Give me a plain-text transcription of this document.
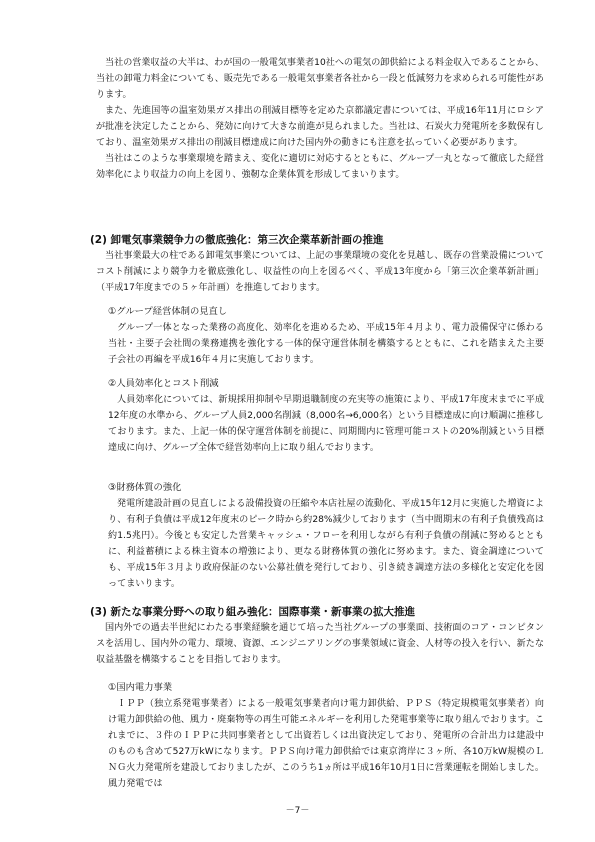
当社の営業収益の大半は、わが国の一般電気事業者10社への電気の卸供給による料金収入であることから、当社の卸電力料金についても、販売先である一般電気事業者各社から一段と低減努力を求められる可能性があります。

また、先進国等の温室効果ガス排出の削減目標等を定めた京都議定書については、平成16年11月にロシアが批准を決定したことから、発効に向けて大きな前進が見られました。当社は、石炭火力発電所を多数保有しており、温室効果ガス排出の削減目標達成に向けた国内外の動きにも注意を払っていく必要があります。

当社はこのような事業環境を踏まえ、変化に適切に対応するとともに、グループ一丸となって徹底した経営効率化により収益力の向上を図り、強靭な企業体質を形成してまいります。

(2) 卸電気事業競争力の徹底強化：第三次企業革新計画の推進

当社事業最大の柱である卸電気事業については、上記の事業環境の変化を見越し、既存の営業設備についてコスト削減により競争力を徹底強化し、収益性の向上を図るべく、平成13年度から「第三次企業革新計画」（平成17年度までの５ヶ年計画）を推進しております。

①グループ経営体制の見直し

グループ一体となった業務の高度化、効率化を進めるため、平成15年４月より、電力設備保守に係わる当社・主要子会社間の業務連携を強化する一体的保守運営体制を構築するとともに、これを踏まえた主要子会社の再編を平成16年４月に実施しております。

②人員効率化とコスト削減

人員効率化については、新規採用抑制や早期退職制度の充実等の施策により、平成17年度末までに平成12年度の水準から、グループ人員2,000名削減（8,000名→6,000名）という目標達成に向け順調に推移しております。また、上記一体的保守運営体制を前提に、同期間内に管理可能コストの20%削減という目標達成に向け、グループ全体で経営効率向上に取り組んでおります。

③財務体質の強化

発電所建設計画の見直しによる設備投資の圧縮や本店社屋の流動化、平成15年12月に実施した増資により、有利子負債は平成12年度末のピーク時から約28%減少しております（当中間期末の有利子負債残高は約1.5兆円）。今後とも安定した営業キャッシュ・フローを利用しながら有利子負債の削減に努めるとともに、利益蓄積による株主資本の増強により、更なる財務体質の強化に努めます。また、資金調達についても、平成15年３月より政府保証のない公募社債を発行しており、引き続き調達方法の多様化と安定化を図ってまいります。

(3) 新たな事業分野への取り組み強化：国際事業・新事業の拡大推進

国内外での過去半世紀にわたる事業経験を通じて培った当社グループの事業面、技術面のコア・コンピタンスを活用し、国内外の電力、環境、資源、エンジニアリングの事業領域に資金、人材等の投入を行い、新たな収益基盤を構築することを目指しております。

①国内電力事業

ＩＰＰ（独立系発電事業者）による一般電気事業者向け電力卸供給、ＰＰＳ（特定規模電気事業者）向け電力卸供給の他、風力・廃棄物等の再生可能エネルギーを利用した発電事業等に取り組んでおります。これまでに、３件のＩＰＰに共同事業者として出資若しくは出資決定しており、発電所の合計出力は建設中のものも含めて527万kWになります。ＰＰＳ向け電力卸供給では東京湾岸に３ヶ所、各10万kW規模のＬＮＧ火力発電所を建設しておりましたが、このうち1ヵ所は平成16年10月1日に営業運転を開始しました。風力発電では

－7－
